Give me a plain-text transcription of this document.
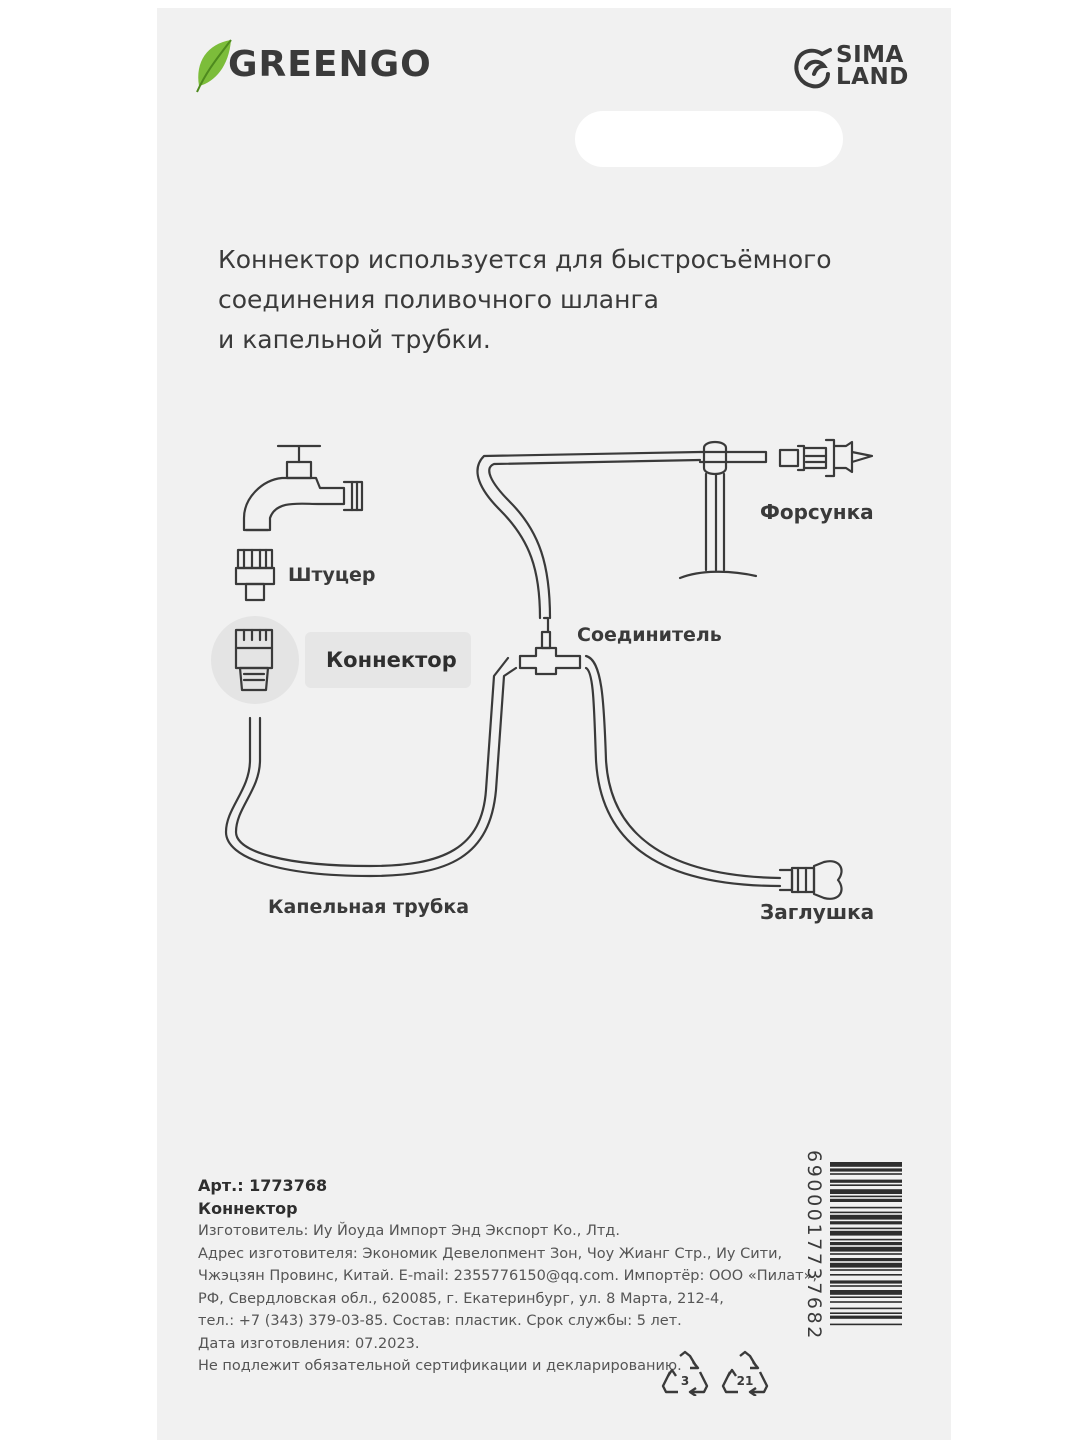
GREENGO	SIMA
LAND
Коннектор используется для быстросъёмного
соединения поливочного шланга
и капельной трубки.
Форсунка
Штуцер
Коннектор
Соединитель
Капельная трубка	Заглушка
Арт.: 1773768
Коннектор
Изготовитель: Иу Йоуда Импорт Энд Экспорт Ко., Лтд.
Адрес изготовителя: Экономик Девелопмент Зон, Чоу Жианг Стр., Иу Сити,
Чжэцзян Провинс, Китай. E-mail: 2355776150@qq.com. Импортёр: ООО «Пилат»,
РФ, Свердловская обл., 620085, г. Екатеринбург, ул. 8 Марта, 212-4,
тел.: +7 (343) 379-03-85. Состав: пластик. Срок службы: 5 лет.
Дата изготовления: 07.2023.
Не подлежит обязательной сертификации и декларированию.
3	21
6900017737682
